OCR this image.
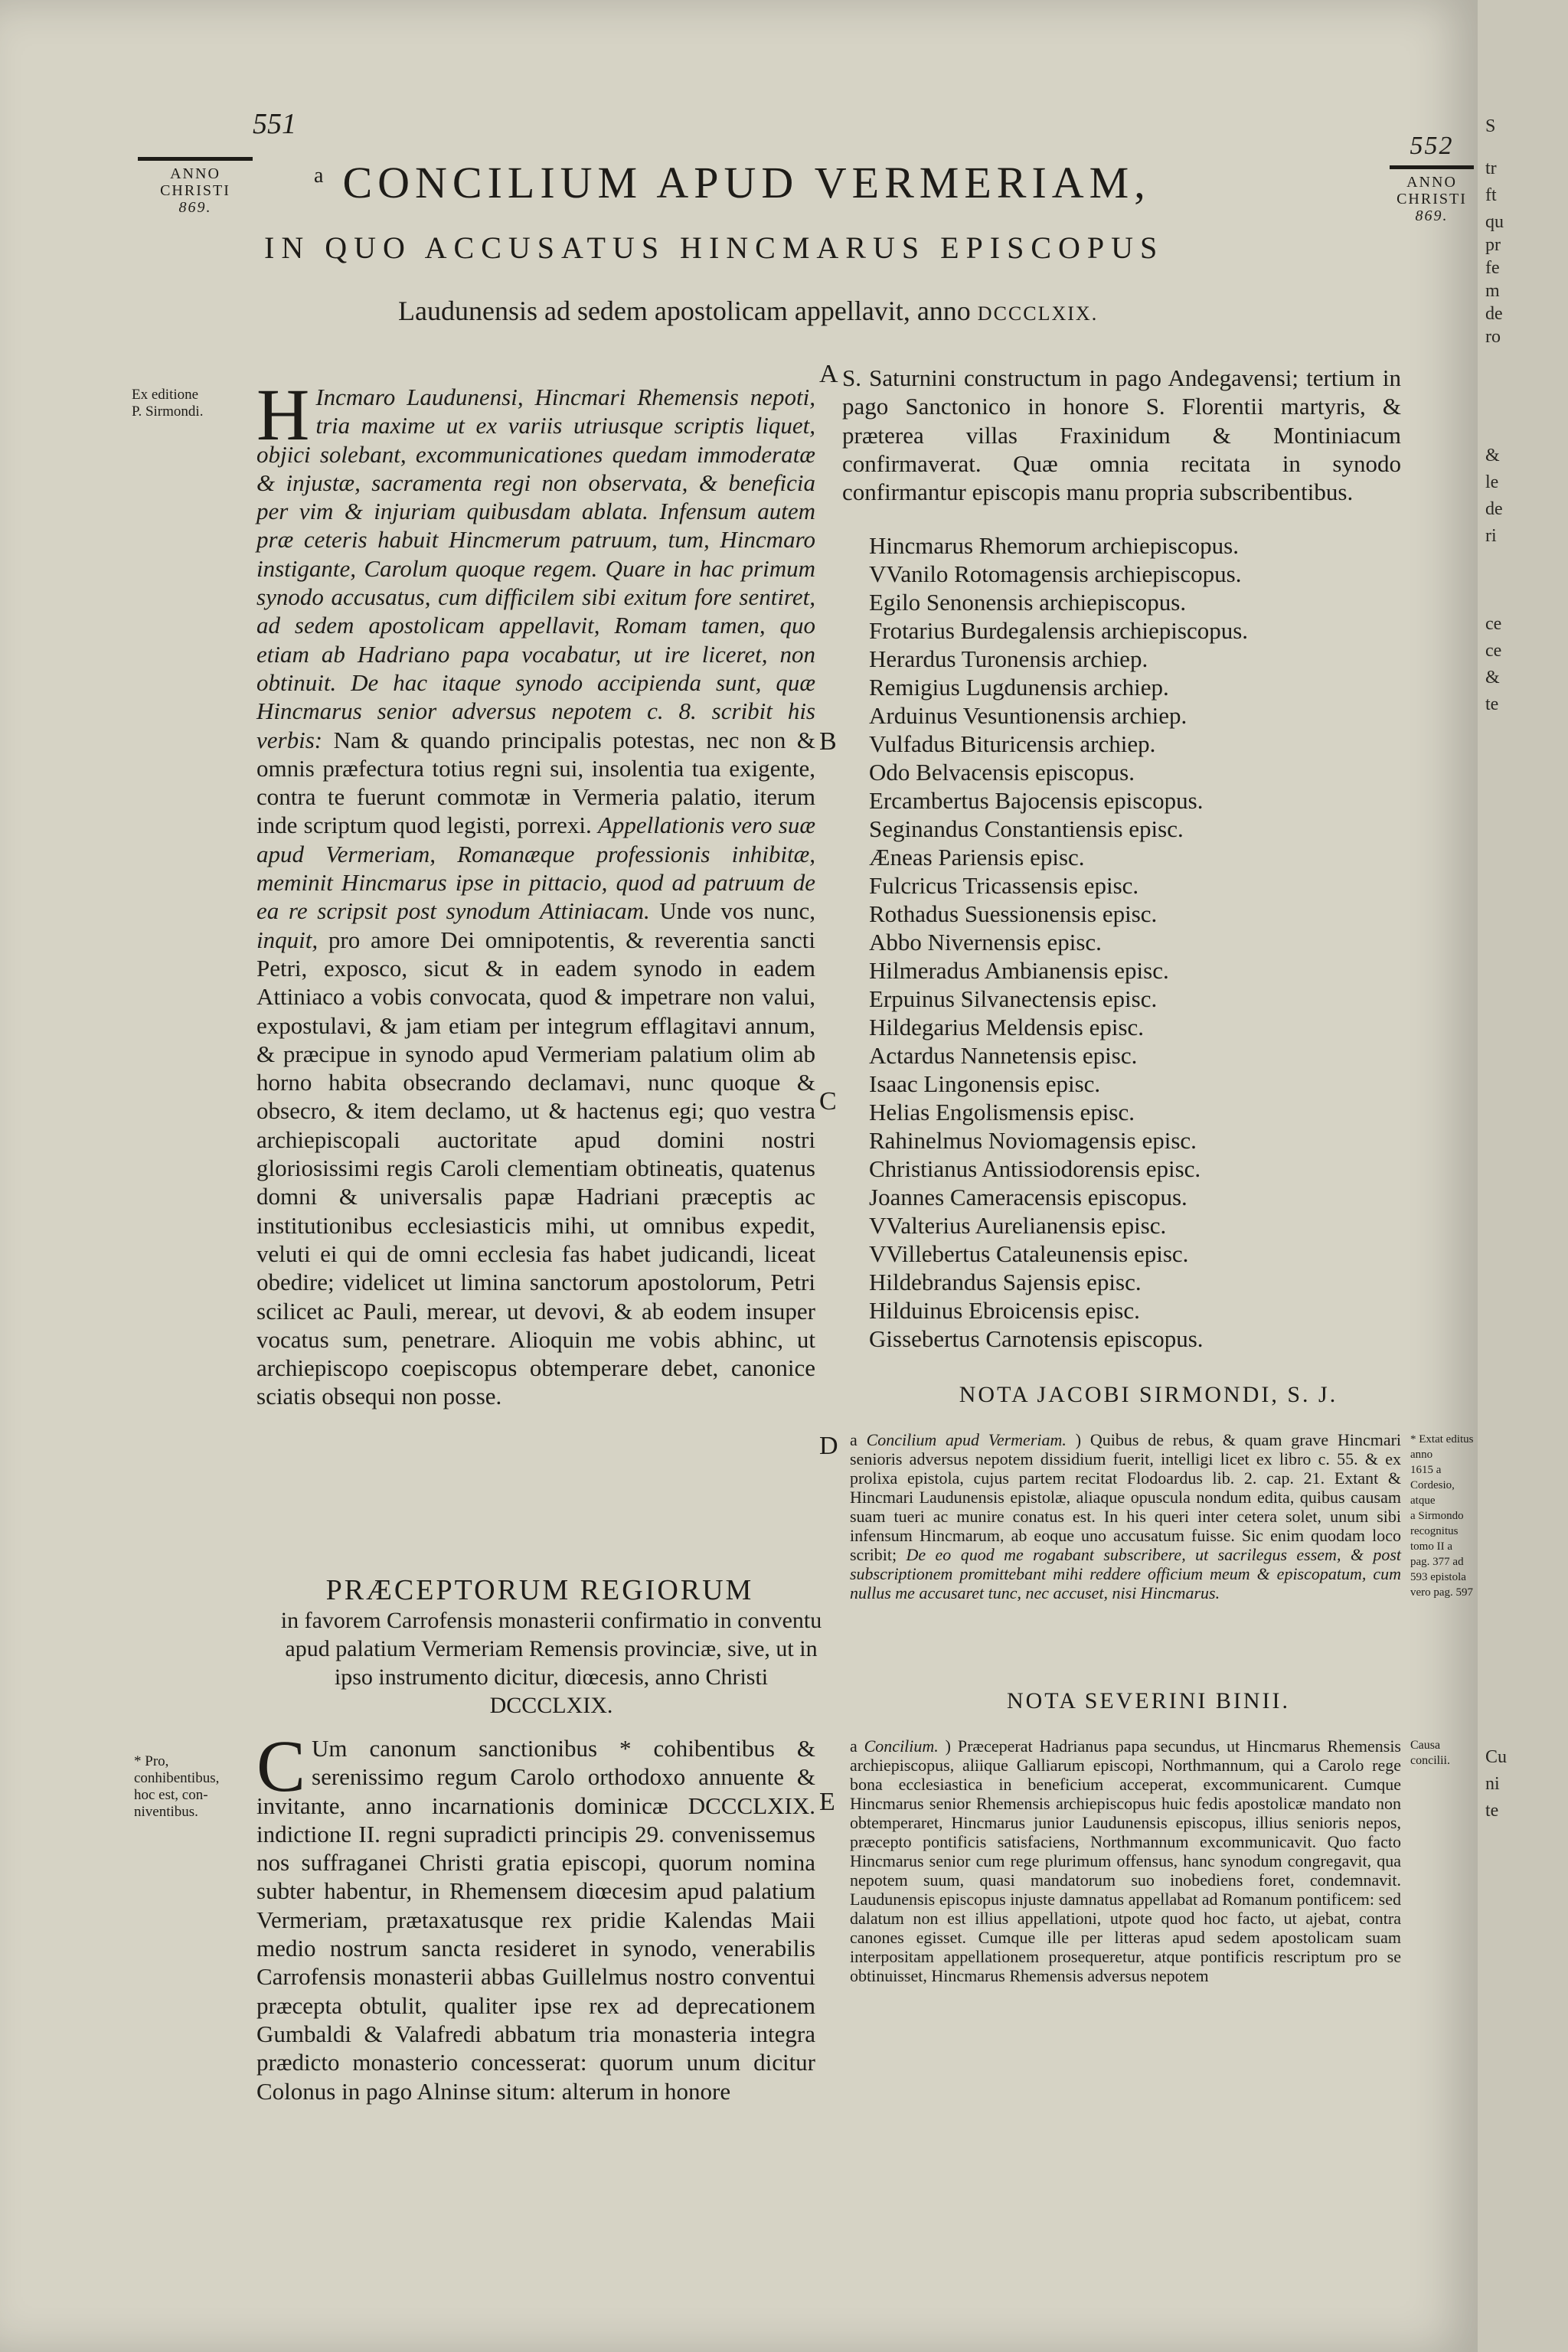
551
ANNO
CHRISTI
869.
552
ANNO
CHRISTI
869.
$^a$ CONCILIUM APUD VERMERIAM,
IN QUO ACCUSATUS HINCMARUS EPISCOPUS
Laudunensis ad sedem apostolicam appellavit, anno DCCCLXIX.
Ex editione
P. Sirmondi. H Incmaro Laudunensi, Hincmari Rhemensis nepoti, tria maxime ut ex variis utriusque scriptis liquet, objici solebant, excommunicationes quedam immoderatæ & injustæ, sacramenta regi non observata, & beneficia per vim & injuriam quibusdam ablata. Infensum autem præ ceteris habuit Hincmerum patruum, tum, Hincmaro instigante, Carolum quoque regem. Quare in hac primum synodo accusatus, cum difficilem sibi exitum fore sentiret, ad sedem apostolicam appellavit, Romam tamen, quo etiam ab Hadriano papa vocabatur, ut ire liceret, non obtinuit. De hac itaque synodo accipienda sunt, quæ Hincmarus senior adversus nepotem c. 8. scribit his verbis: Nam & quando principalis potestas, nec non & omnis præfectura totius regni sui, insolentia tua exigente, contra te fuerunt commotæ in Vermeria palatio, iterum inde scriptum quod legisti, porrexi. Appellationis vero suæ apud Vermeriam, Romanæque professionis inhibitæ, meminit Hincmarus ipse in pittacio, quod ad patruum de ea re scripsit post synodum Attiniacam. Unde vos nunc, inquit, pro amore Dei omnipotentis, & reverentia sancti Petri, exposco, sicut & in eadem synodo in eadem Attiniaco a vobis convocata, quod & impetrare non valui, expostulavi, & jam etiam per integrum efflagitavi annum, & præcipue in synodo apud Vermeriam palatium olim ab horno habita obsecrando declamavi, nunc quoque & obsecro, & item declamo, ut & hactenus egi; quo vestra archiepiscopali auctoritate apud domini nostri gloriosissimi regis Caroli clementiam obtineatis, quatenus domni & universalis papæ Hadriani præceptis ac institutionibus ecclesiasticis mihi, ut omnibus expedit, veluti ei qui de omni ecclesia fas habet judicandi, liceat obedire; videlicet ut limina sanctorum apostolorum, Petri scilicet ac Pauli, merear, ut devovi, & ab eodem insuper vocatus sum, penetrare. Alioquin me vobis abhinc, ut archiepiscopo coepiscopus obtemperare debet, canonice sciatis obsequi non posse.

A
B
C
D
E

S. Saturnini constructum in pago Andegavensi; tertium in pago Sanctonico in honore S. Florentii martyris, & præterea villas Fraxinidum & Montiniacum confirmaverat. Quæ omnia recitata in synodo confirmantur episcopis manu propria subscribentibus.

Hincmarus Rhemorum archiepiscopus.
VVanilo Rotomagensis archiepiscopus.
Egilo Senonensis archiepiscopus.
Frotarius Burdegalensis archiepiscopus.
Herardus Turonensis archiep.
Remigius Lugdunensis archiep.
Arduinus Vesuntionensis archiep.
Vulfadus Bituricensis archiep.
Odo Belvacensis episcopus.
Ercambertus Bajocensis episcopus.
Seginandus Constantiensis episc.
Æneas Pariensis episc.
Fulcricus Tricassensis episc.
Rothadus Suessionensis episc.
Abbo Nivernensis episc.
Hilmeradus Ambianensis episc.
Erpuinus Silvanectensis episc.
Hildegarius Meldensis episc.
Actardus Nannetensis episc.
Isaac Lingonensis episc.
Helias Engolismensis episc.
Rahinelmus Noviomagensis episc.
Christianus Antissiodorensis episc.
Joannes Cameracensis episcopus.
VValterius Aurelianensis episc.
VVillebertus Cataleunensis episc.
Hildebrandus Sajensis episc.
Hilduinus Ebroicensis episc.
Gissebertus Carnotensis episcopus.
NOTA JACOBI SIRMONDI, S. J.
a Concilium apud Vermeriam. ) Quibus de rebus, & quam grave Hincmari senioris adversus nepotem dissidium fuerit, intelligi licet ex libro c. 55. & ex prolixa epistola, cujus partem recitat Flodoardus lib. 2. cap. 21. Extant & Hincmari Laudunensis epistolæ, aliaque opuscula nondum edita, quibus causam suam tueri ac munire conatus est. In his queri inter cetera solet, unum sibi infensum Hincmarum, ab eoque uno accusatum fuisse. Sic enim quodam loco scribit; De eo quod me rogabant subscribere, ut sacrilegus essem, & post subscriptionem promittebant mihi reddere officium meum & episcopatum, cum nullus me accusaret tunc, nec accuset, nisi Hincmarus.
* Extat editus anno
1615 a Cordesio, atque
a Sirmondo
recognitus
tomo II a
pag. 377 ad
593 epistola
vero pag. 597
NOTA SEVERINI BINII.
a Concilium. ) Præceperat Hadrianus papa secundus, ut Hincmarus Rhemensis archiepiscopus, aliique Galliarum episcopi, Northmannum, qui a Carolo rege bona ecclesiastica in beneficium acceperat, excommunicarent. Cumque Hincmarus senior Rhemensis archiepiscopus huic fedis apostolicæ mandato non obtemperaret, Hincmarus junior Laudunensis episcopus, illius senioris nepos, præcepto pontificis satisfaciens, Northmannum excommunicavit. Quo facto Hincmarus senior cum rege plurimum offensus, hanc synodum congregavit, qua nepotem suum, quasi mandatorum suo inobediens foret, condemnavit. Laudunensis episcopus injuste damnatus appellabat ad Romanum pontificem: sed dalatum non est illius appellationi, utpote quod hoc facto, ut ajebat, contra canones egisset. Cumque ille per litteras apud sedem apostolicam suam interpositam appellationem prosequeretur, atque pontificis rescriptum pro se obtinuisset, Hincmarus Rhemensis adversus nepotem
Causa concilii.
PRÆCEPTORUM REGIORUM
in favorem Carrofensis monasterii confirmatio in conventu apud palatium Vermeriam Remensis provinciæ, sive, ut in ipso instrumento dicitur, diœcesis, anno Christi DCCCLXIX.
* Pro, conhibentibus,
hoc est, con-
niventibus.

C Um canonum sanctionibus * cohibentibus & serenissimo regum Carolo orthodoxo annuente & invitante, anno incarnationis dominicæ DCCCLXIX. indictione II. regni supradicti principis 29. convenissemus nos suffraganei Christi gratia episcopi, quorum nomina subter habentur, in Rhemensem diœcesim apud palatium Vermeriam, prætaxatusque rex pridie Kalendas Maii medio nostrum sancta resideret in synodo, venerabilis Carrofensis monasterii abbas Guillelmus nostro conventui præcepta obtulit, qualiter ipse rex ad deprecationem Gumbaldi & Valafredi abbatum tria monasteria integra prædicto monasterio concesserat: quorum unum dicitur Colonus in pago Alninse situm: alterum in honore

S
tr
ft
qu
pr
fe
m
de
ro
&
le
de
ri
ce
ce
&
te
Cu
ni
te
